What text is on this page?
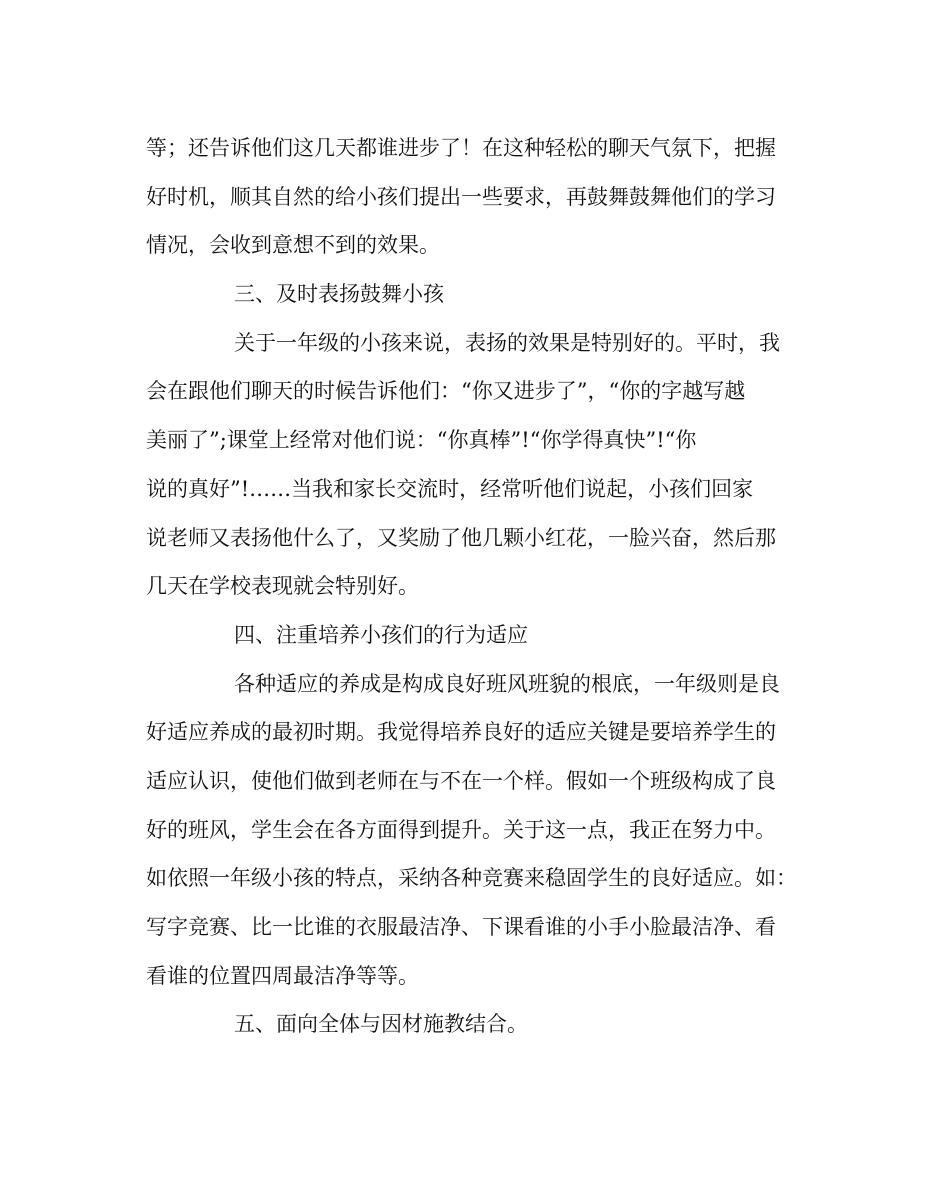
等；还告诉他们这几天都谁进步了！在这种轻松的聊天气氛下，把握
好时机，顺其自然的给小孩们提出一些要求，再鼓舞鼓舞他们的学习
情况，会收到意想不到的效果。
三、及时表扬鼓舞小孩
关于一年级的小孩来说，表扬的效果是特别好的。平时，我
会在跟他们聊天的时候告诉他们：“你又进步了”，“你的字越写越
美丽了”;课堂上经常对他们说：“你真棒”!“你学得真快”!“你
说的真好”!……当我和家长交流时，经常听他们说起，小孩们回家
说老师又表扬他什么了，又奖励了他几颗小红花，一脸兴奋，然后那
几天在学校表现就会特别好。
四、注重培养小孩们的行为适应
各种适应的养成是构成良好班风班貌的根底，一年级则是良
好适应养成的最初时期。我觉得培养良好的适应关键是要培养学生的
适应认识，使他们做到老师在与不在一个样。假如一个班级构成了良
好的班风，学生会在各方面得到提升。关于这一点，我正在努力中。
如依照一年级小孩的特点，采纳各种竞赛来稳固学生的良好适应。如：
写字竞赛、比一比谁的衣服最洁净、下课看谁的小手小脸最洁净、看
看谁的位置四周最洁净等等。
五、面向全体与因材施教结合。
